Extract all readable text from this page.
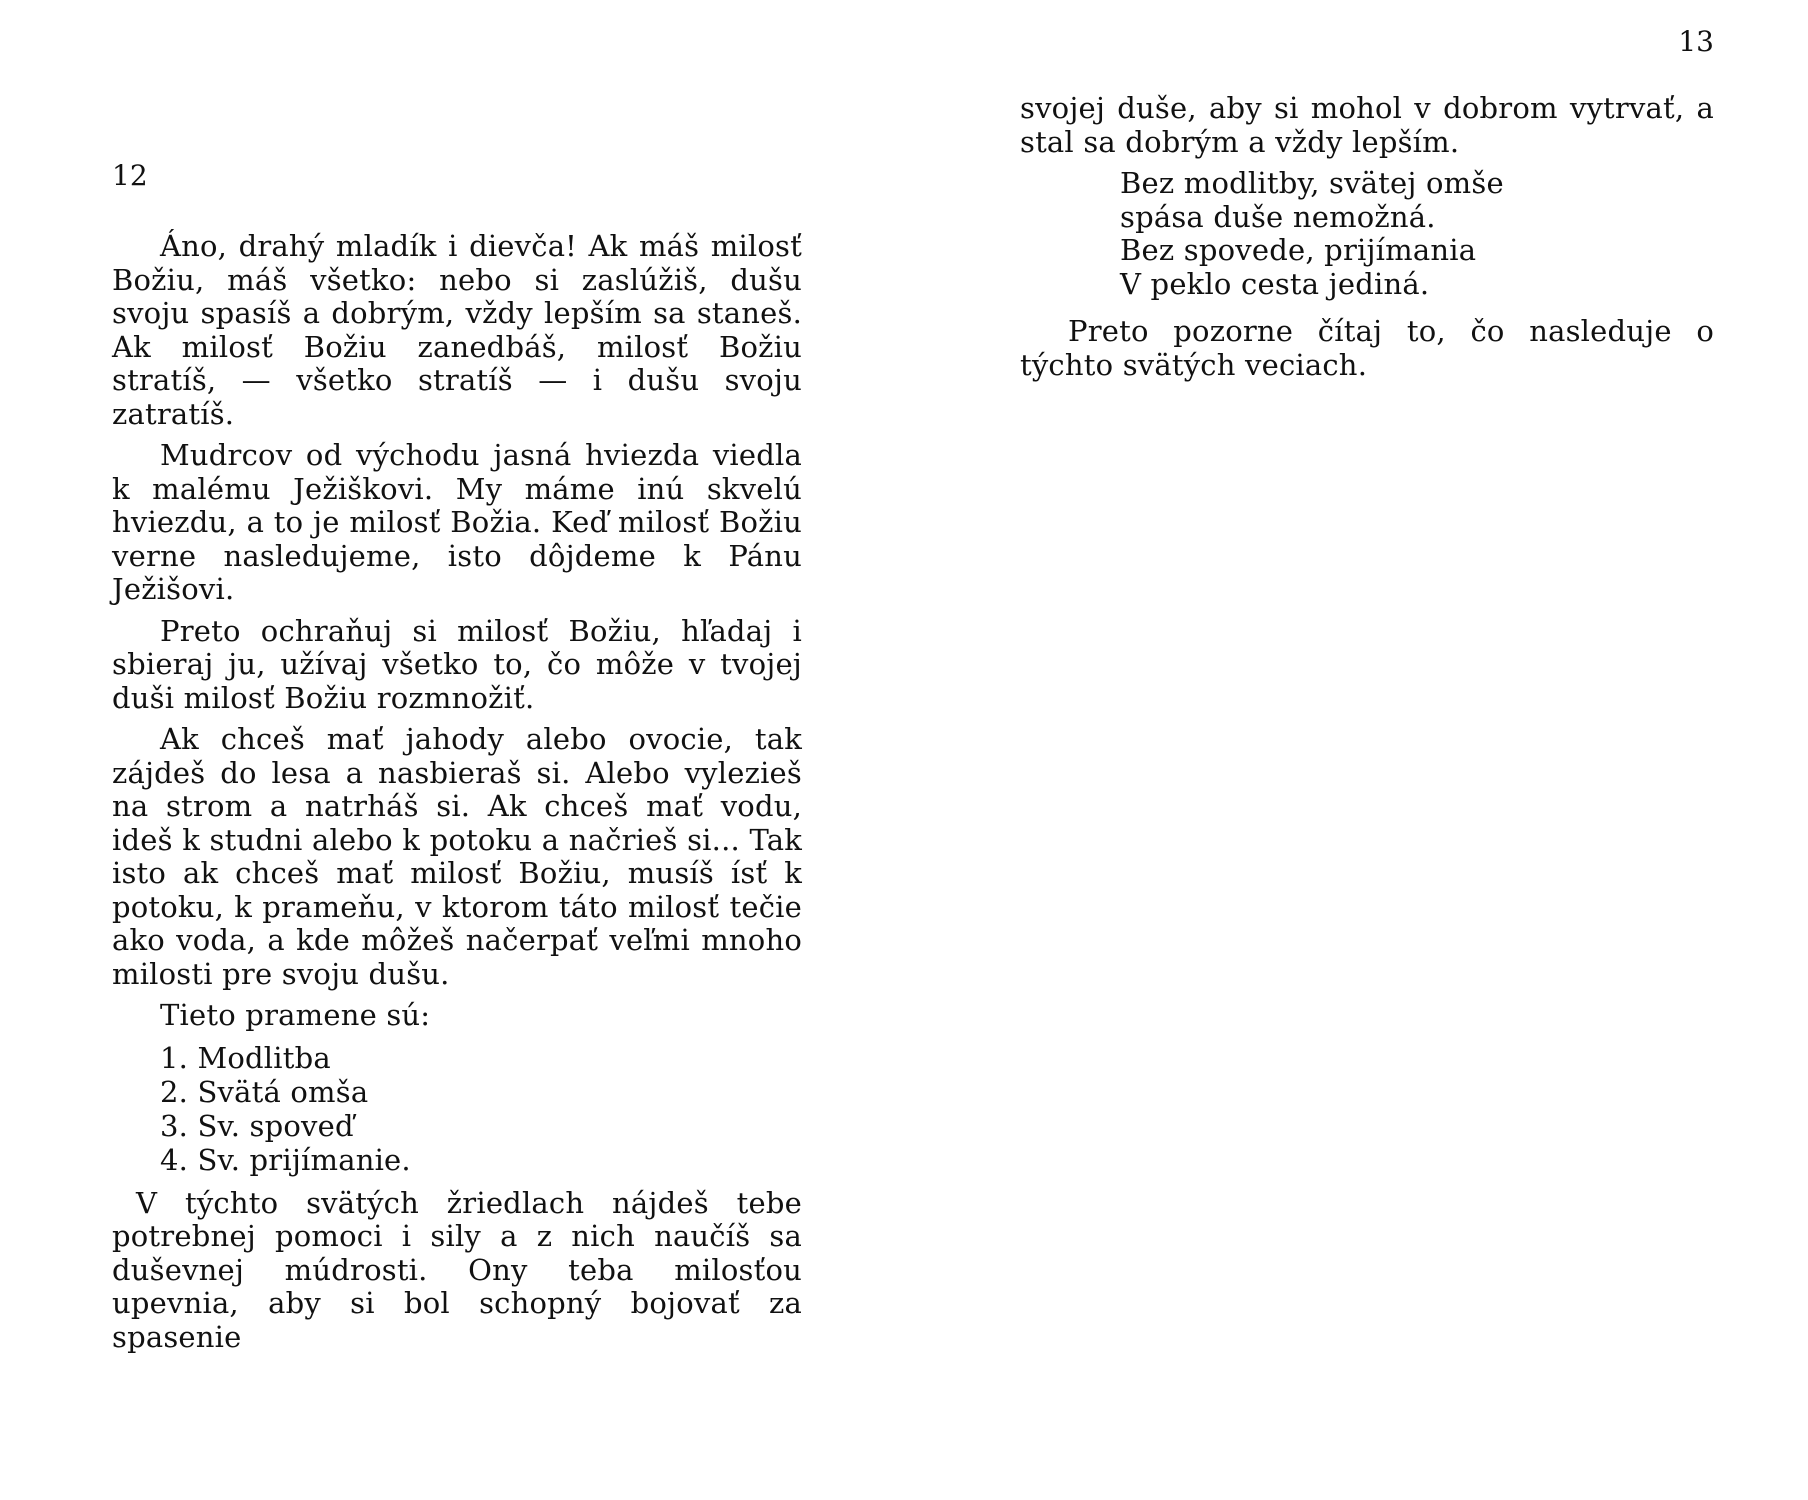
12

Áno, drahý mladík i dievča! Ak máš milosť Božiu, máš všetko: nebo si zaslúžiš, dušu svoju spasíš a dobrým, vždy lepším sa staneš. Ak milosť Božiu zanedbáš, milosť Božiu stratíš, — všetko stratíš — i dušu svoju zatratíš.

Mudrcov od východu jasná hviezda viedla k malému Ježiškovi. My máme inú skvelú hviezdu, a to je milosť Božia. Keď milosť Božiu verne nasledujeme, isto dôjdeme k Pánu Ježišovi.

Preto ochraňuj si milosť Božiu, hľadaj i sbieraj ju, užívaj všetko to, čo môže v tvojej duši milosť Božiu rozmnožiť.

Ak chceš mať jahody alebo ovocie, tak zájdeš do lesa a nasbieraš si. Alebo vylezieš na strom a natrháš si. Ak chceš mať vodu, ideš k studni alebo k potoku a načrieš si... Tak isto ak chceš mať milosť Božiu, musíš ísť k potoku, k prameňu, v ktorom táto milosť tečie ako voda, a kde môžeš načerpať veľmi mnoho milosti pre svoju dušu.

Tieto pramene sú:

1. Modlitba
2. Svätá omša
3. Sv. spoveď
4. Sv. prijímanie.

V týchto svätých žriedlach nájdeš tebe potrebnej pomoci i sily a z nich naučíš sa duševnej múdrosti. Ony teba milosťou upevnia, aby si bol schopný bojovať za spasenie

13

svojej duše, aby si mohol v dobrom vytrvať, a stal sa dobrým a vždy lepším.

Bez modlitby, svätej omše
spása duše nemožná.
Bez spovede, prijímania
V peklo cesta jediná.

Preto pozorne čítaj to, čo nasleduje o týchto svätých veciach.
